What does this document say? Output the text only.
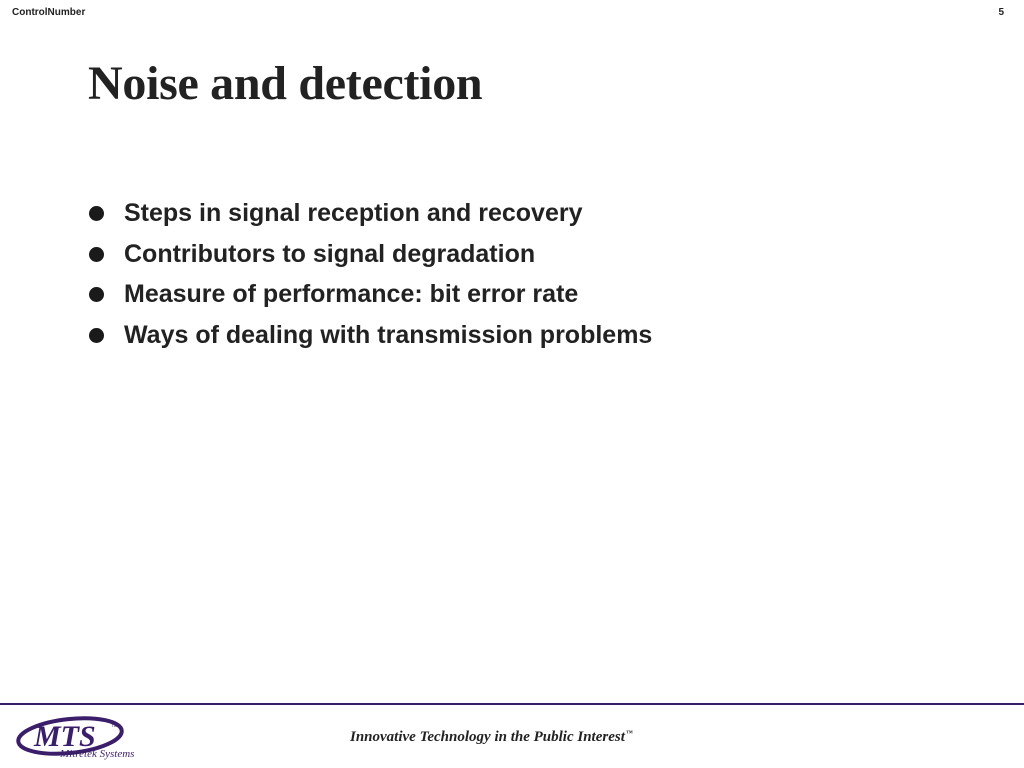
ControlNumber	5
Noise and detection
Steps in signal reception and recovery
Contributors to signal degradation
Measure of performance: bit error rate
Ways of dealing with transmission problems
MTS ™
Mitretek Systems
Innovative Technology in the Public Interest™
